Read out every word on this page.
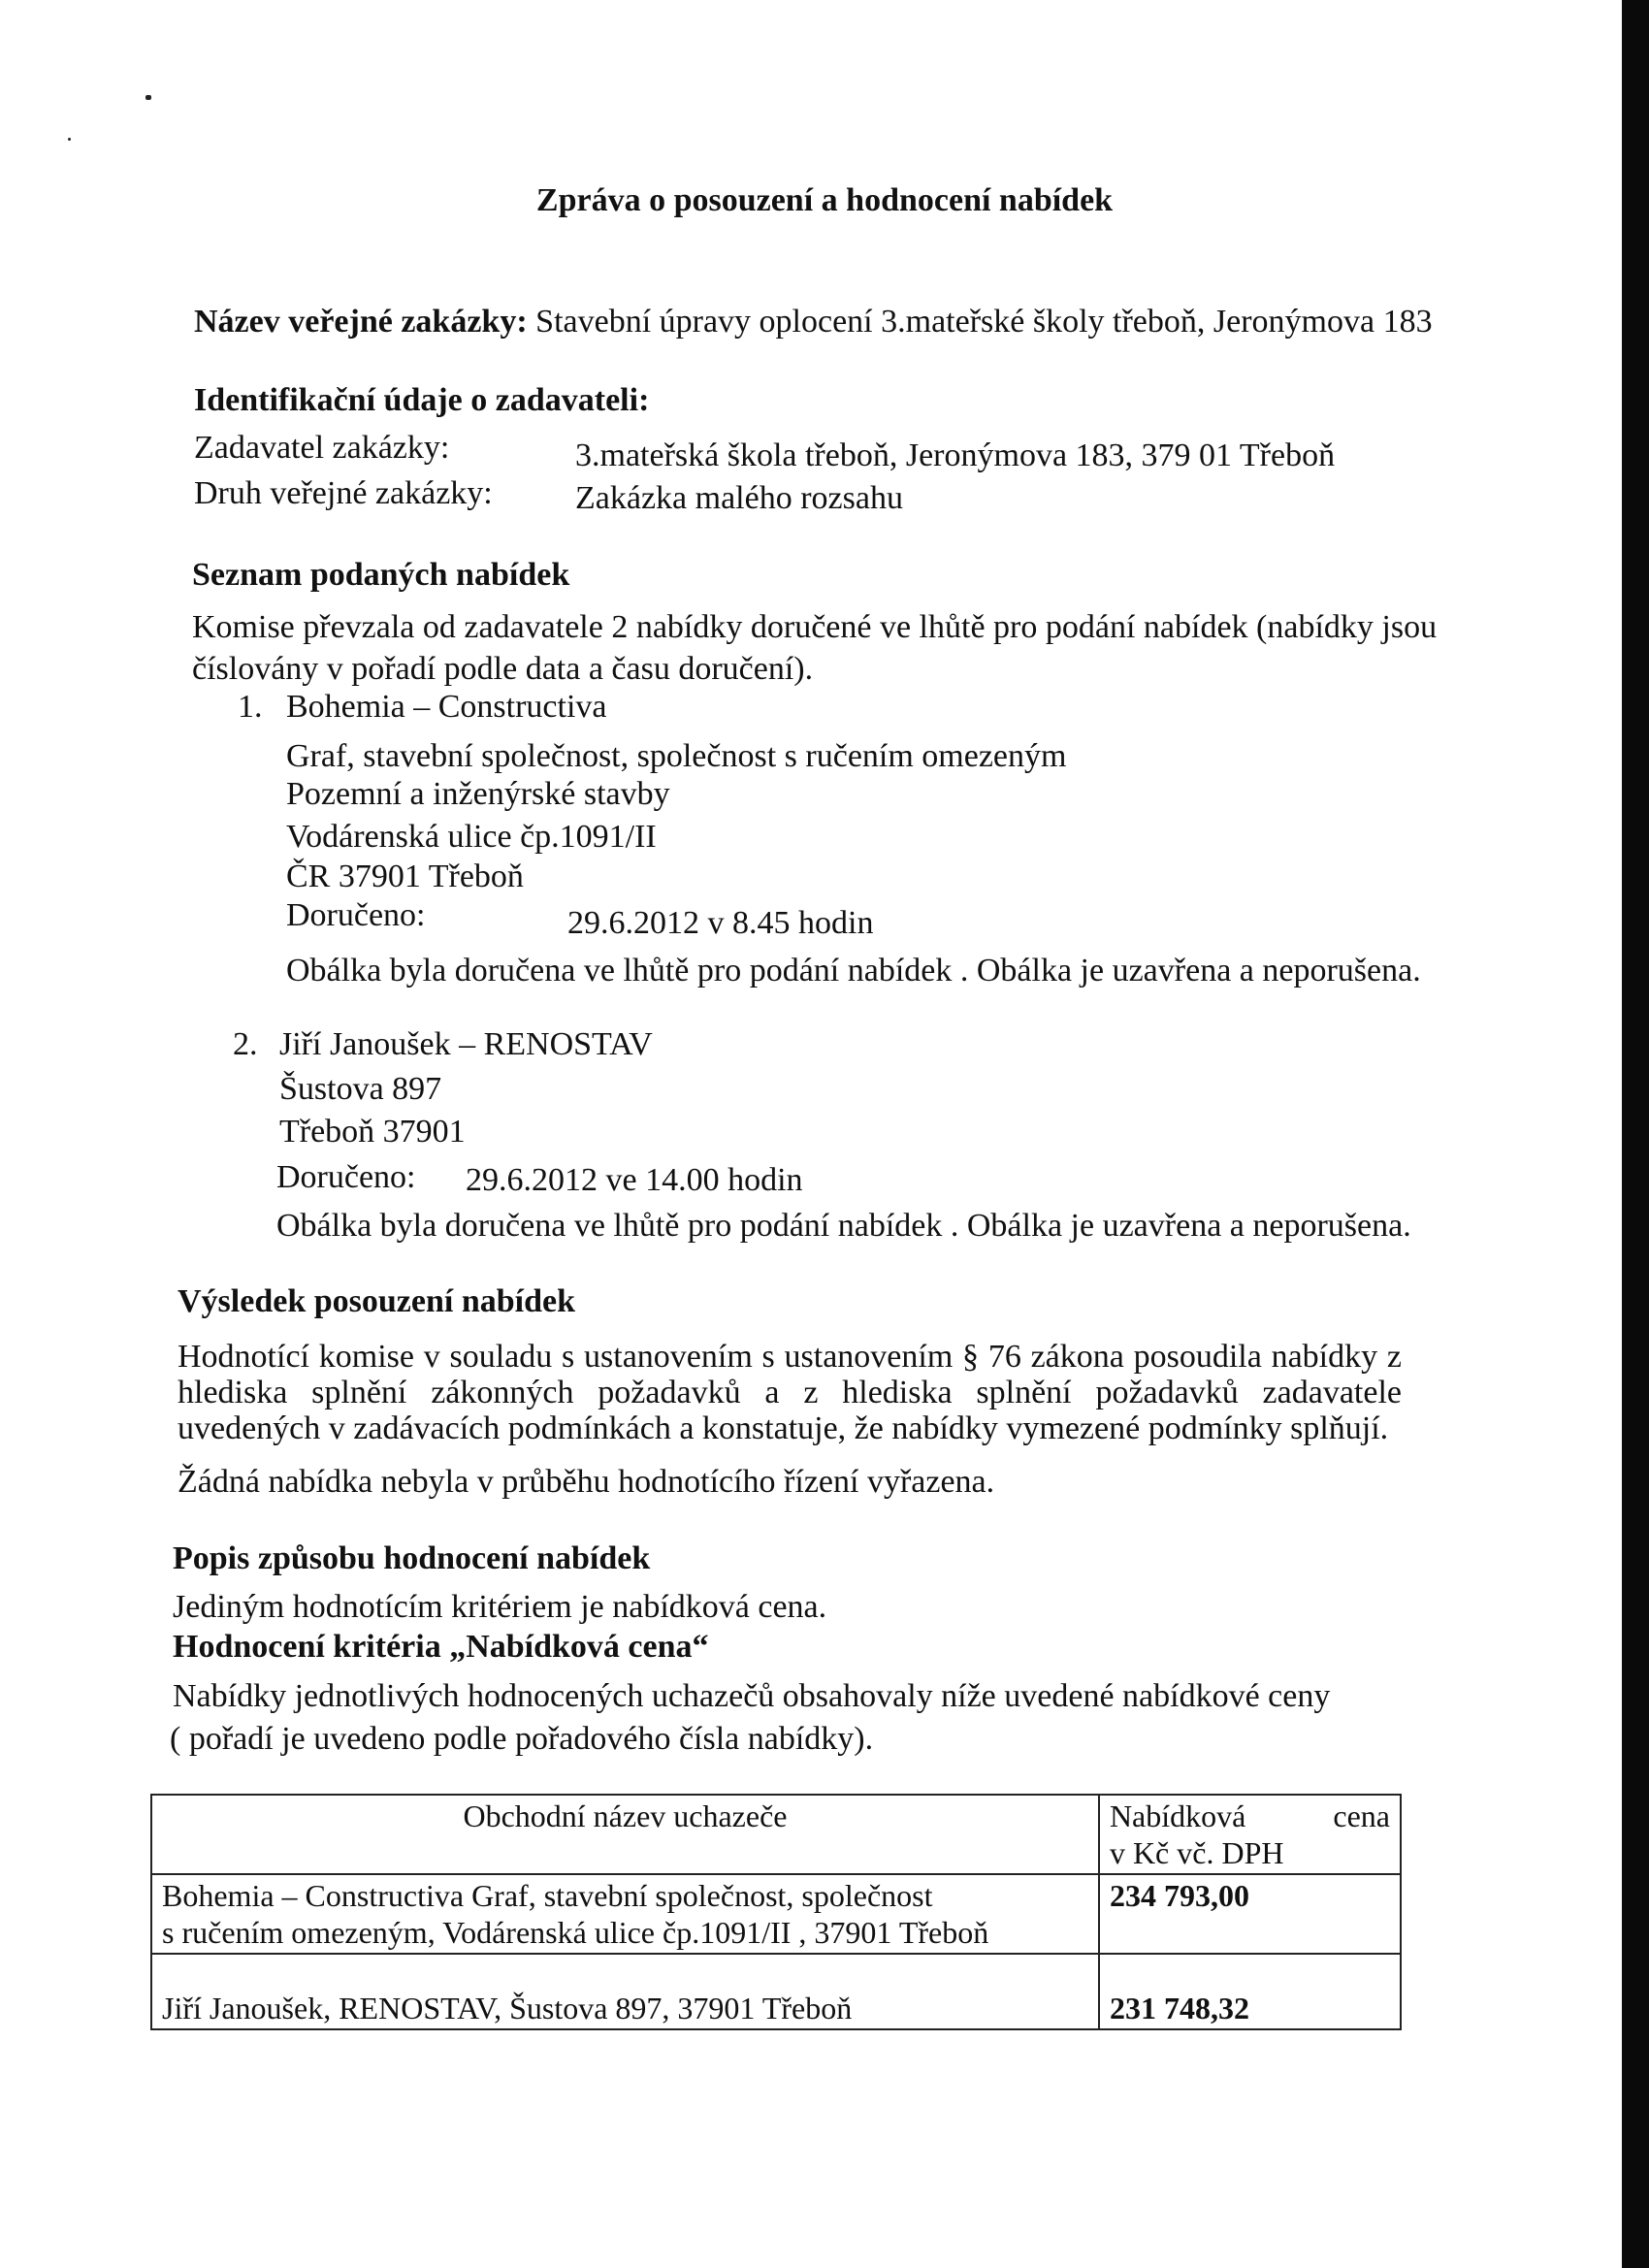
Zpráva o posouzení a hodnocení nabídek
Název veřejné zakázky: Stavební úpravy oplocení 3.mateřské školy třeboň, Jeronýmova 183
Identifikační údaje o zadavateli:
Zadavatel zakázky:	3.mateřská škola třeboň, Jeronýmova 183, 379 01 Třeboň
Druh veřejné zakázky:	Zakázka malého rozsahu
Seznam podaných nabídek
Komise převzala od zadavatele 2 nabídky doručené ve lhůtě pro podání nabídek (nabídky jsou
číslovány v pořadí podle data a času doručení).
1. Bohemia – Constructiva
Graf, stavební společnost, společnost s ručením omezeným
Pozemní a inženýrské stavby
Vodárenská ulice čp.1091/II
ČR 37901 Třeboň
Doručeno:	29.6.2012 v 8.45 hodin
Obálka byla doručena ve lhůtě pro podání nabídek . Obálka je uzavřena a neporušena.
2. Jiří Janoušek – RENOSTAV
Šustova 897
Třeboň 37901
Doručeno: 29.6.2012 ve 14.00 hodin
Obálka byla doručena ve lhůtě pro podání nabídek . Obálka je uzavřena a neporušena.
Výsledek posouzení nabídek
Hodnotící komise v souladu s ustanovením s ustanovením § 76 zákona posoudila nabídky z hlediska splnění zákonných požadavků a z hlediska splnění požadavků zadavatele uvedených v zadávacích podmínkách a konstatuje, že nabídky vymezené podmínky splňují.
Žádná nabídka nebyla v průběhu hodnotícího řízení vyřazena.
Popis způsobu hodnocení nabídek
Jediným hodnotícím kritériem je nabídková cena.
Hodnocení kritéria „Nabídková cena“
Nabídky jednotlivých hodnocených uchazečů obsahovaly níže uvedené nabídkové ceny
( pořadí je uvedeno podle pořadového čísla nabídky).
Obchodní název uchazeče	Nabídková cena
v Kč vč. DPH

Bohemia – Constructiva Graf, stavební společnost, společnost
s ručením omezeným, Vodárenská ulice čp.1091/II , 37901 Třeboň	234 793,00

Jiří Janoušek, RENOSTAV, Šustova 897, 37901 Třeboň	231 748,32
